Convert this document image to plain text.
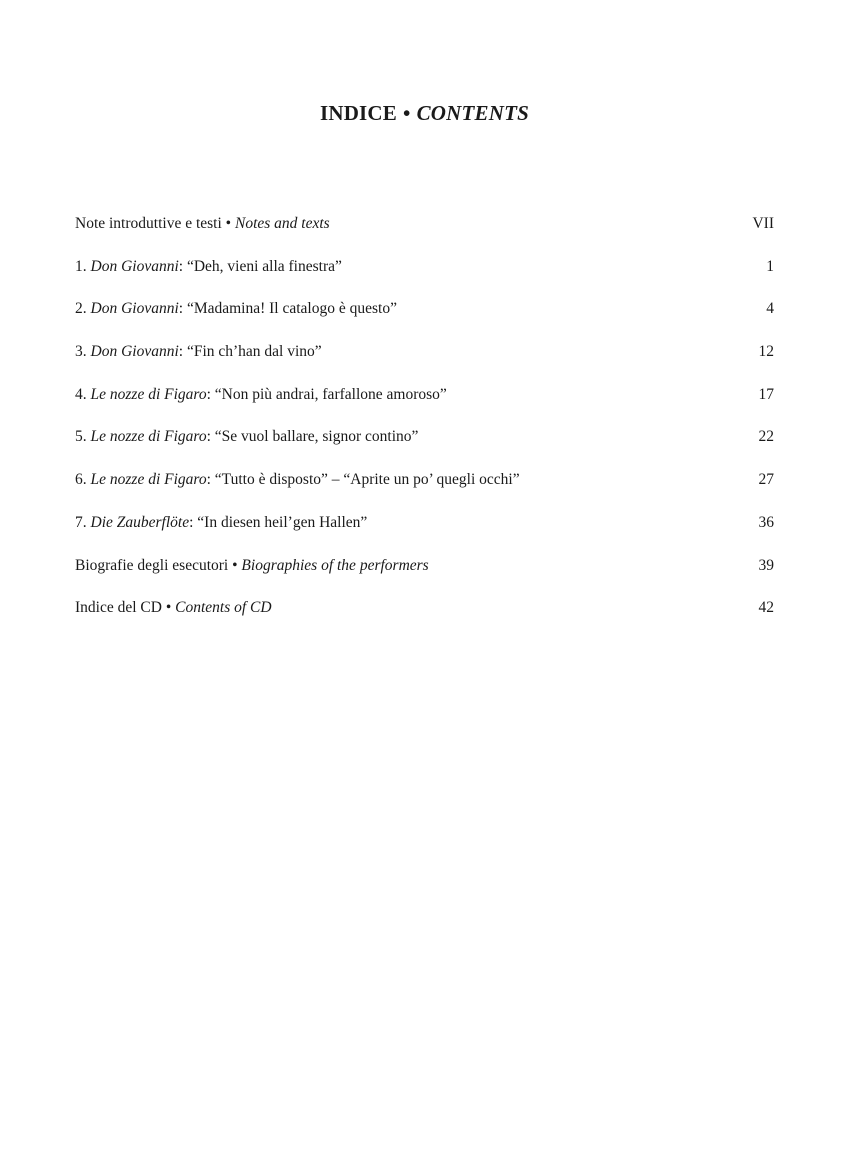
INDICE • CONTENTS
Note introduttive e testi • Notes and texts	VII
1. Don Giovanni: “Deh, vieni alla finestra”	1
2. Don Giovanni: “Madamina! Il catalogo è questo”	4
3. Don Giovanni: “Fin ch’han dal vino”	12
4. Le nozze di Figaro: “Non più andrai, farfallone amoroso”	17
5. Le nozze di Figaro: “Se vuol ballare, signor contino”	22
6. Le nozze di Figaro: “Tutto è disposto” – “Aprite un po’ quegli occhi”	27
7. Die Zauberflöte: “In diesen heil’gen Hallen”	36
Biografie degli esecutori • Biographies of the performers	39
Indice del CD • Contents of CD	42
